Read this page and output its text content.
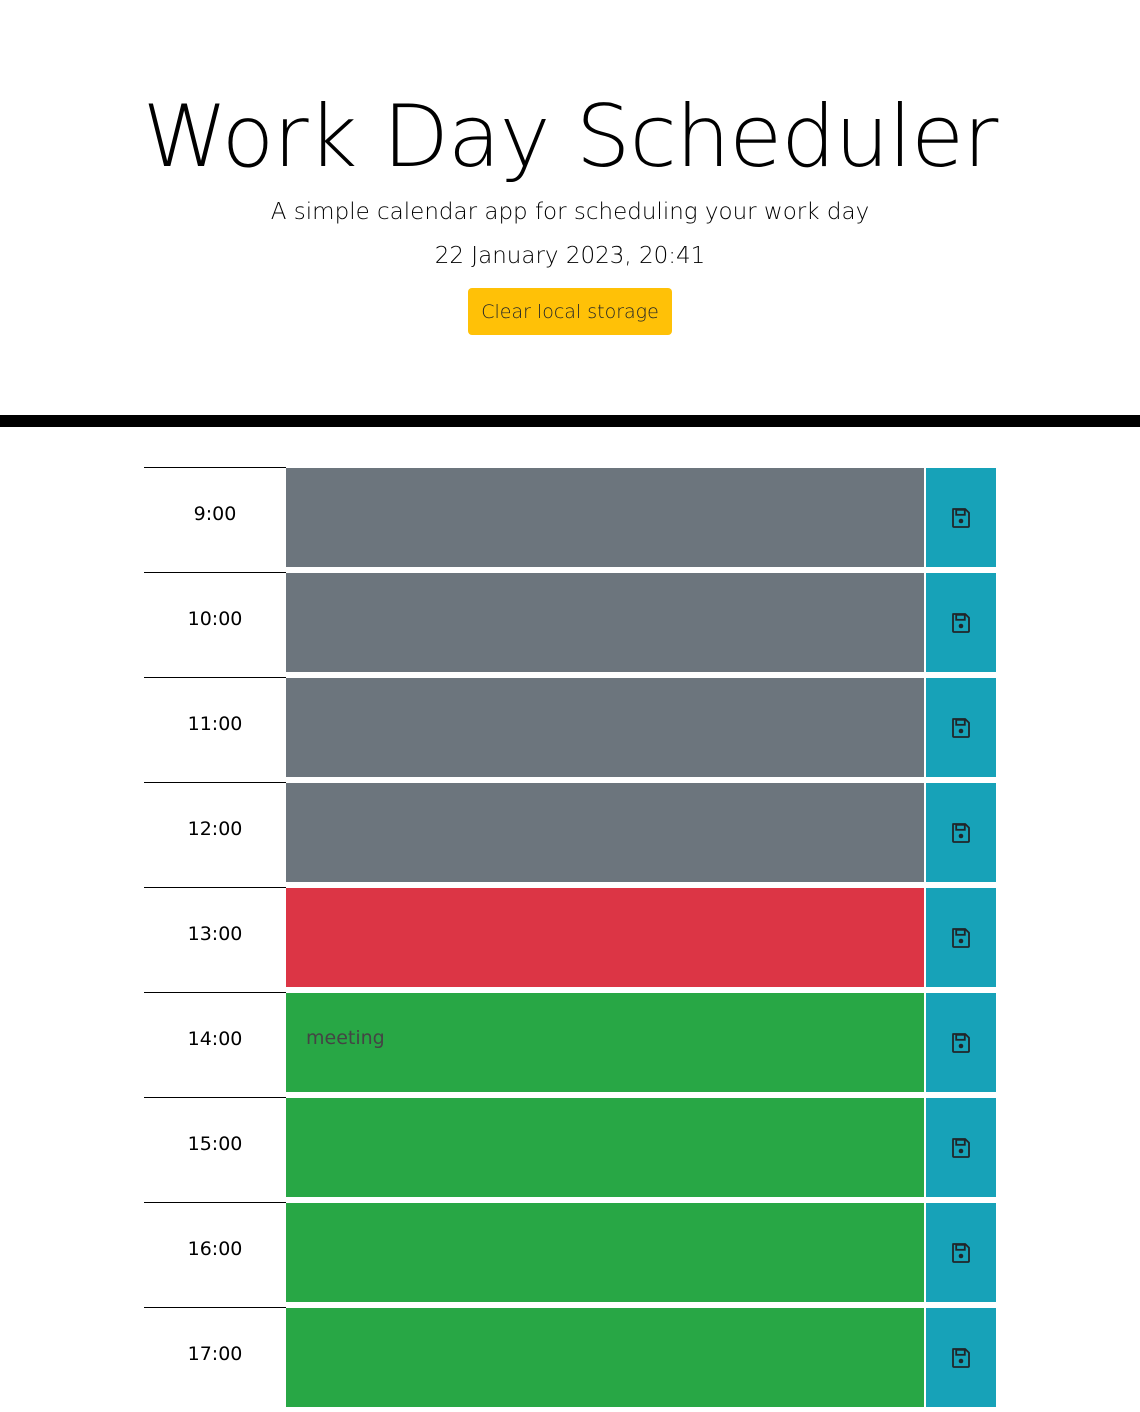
Work Day Scheduler

A simple calendar app for scheduling your work day

22 January 2023, 20:41

Clear local storage
9:00
10:00
11:00
12:00
13:00
14:00
meeting
15:00
16:00
17:00
